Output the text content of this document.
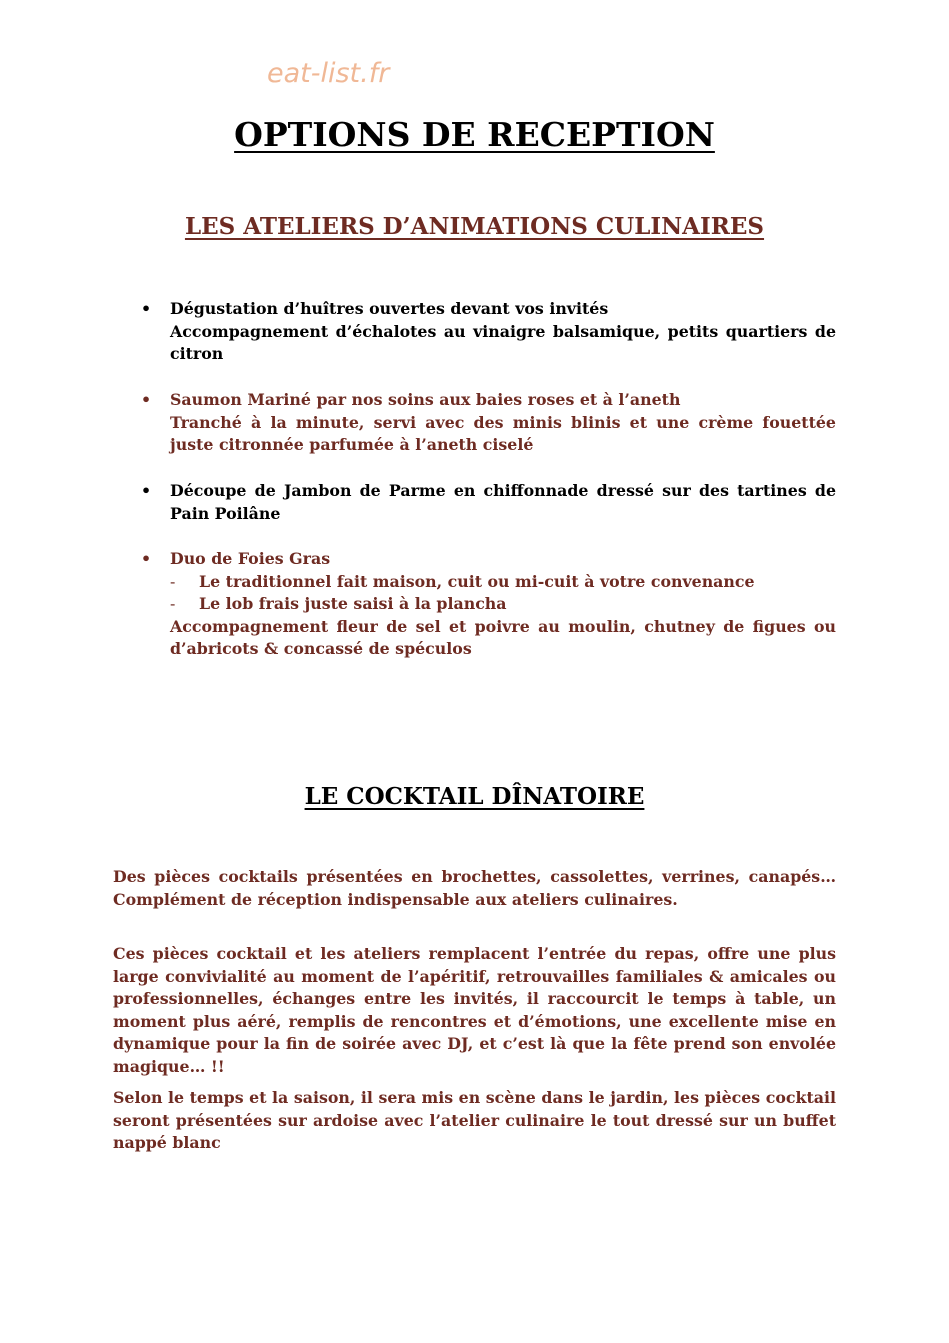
eat-list.fr
OPTIONS DE RECEPTION
LES ATELIERS D’ANIMATIONS CULINAIRES
• Dégustation d’huîtres ouvertes devant vos invités
Accompagnement d’échalotes au vinaigre balsamique, petits quartiers de citron
• Saumon Mariné par nos soins aux baies roses et à l’aneth
Tranché à la minute, servi avec des minis blinis et une crème fouettée juste citronnée parfumée à l’aneth ciselé
• Découpe de Jambon de Parme en chiffonnade dressé sur des tartines de Pain Poilâne
• Duo de Foies Gras
- Le traditionnel fait maison, cuit ou mi-cuit à votre convenance
- Le lob frais juste saisi à la plancha
Accompagnement fleur de sel et poivre au moulin, chutney de figues ou d’abricots & concassé de spéculos
LE COCKTAIL DÎNATOIRE

Des pièces cocktails présentées en brochettes, cassolettes, verrines, canapés…Complément de réception indispensable aux ateliers culinaires.

Ces pièces cocktail et les ateliers remplacent l’entrée du repas, offre une plus large convivialité au moment de l’apéritif, retrouvailles familiales & amicales ou professionnelles, échanges entre les invités, il raccourcit le temps à table, un moment plus aéré, remplis de rencontres et d’émotions, une excellente mise en dynamique pour la fin de soirée avec DJ, et c’est là que la fête prend son envolée magique… !!

Selon le temps et la saison, il sera mis en scène dans le jardin, les pièces cocktail seront présentées sur ardoise avec l’atelier culinaire le tout dressé sur un buffet nappé blanc
